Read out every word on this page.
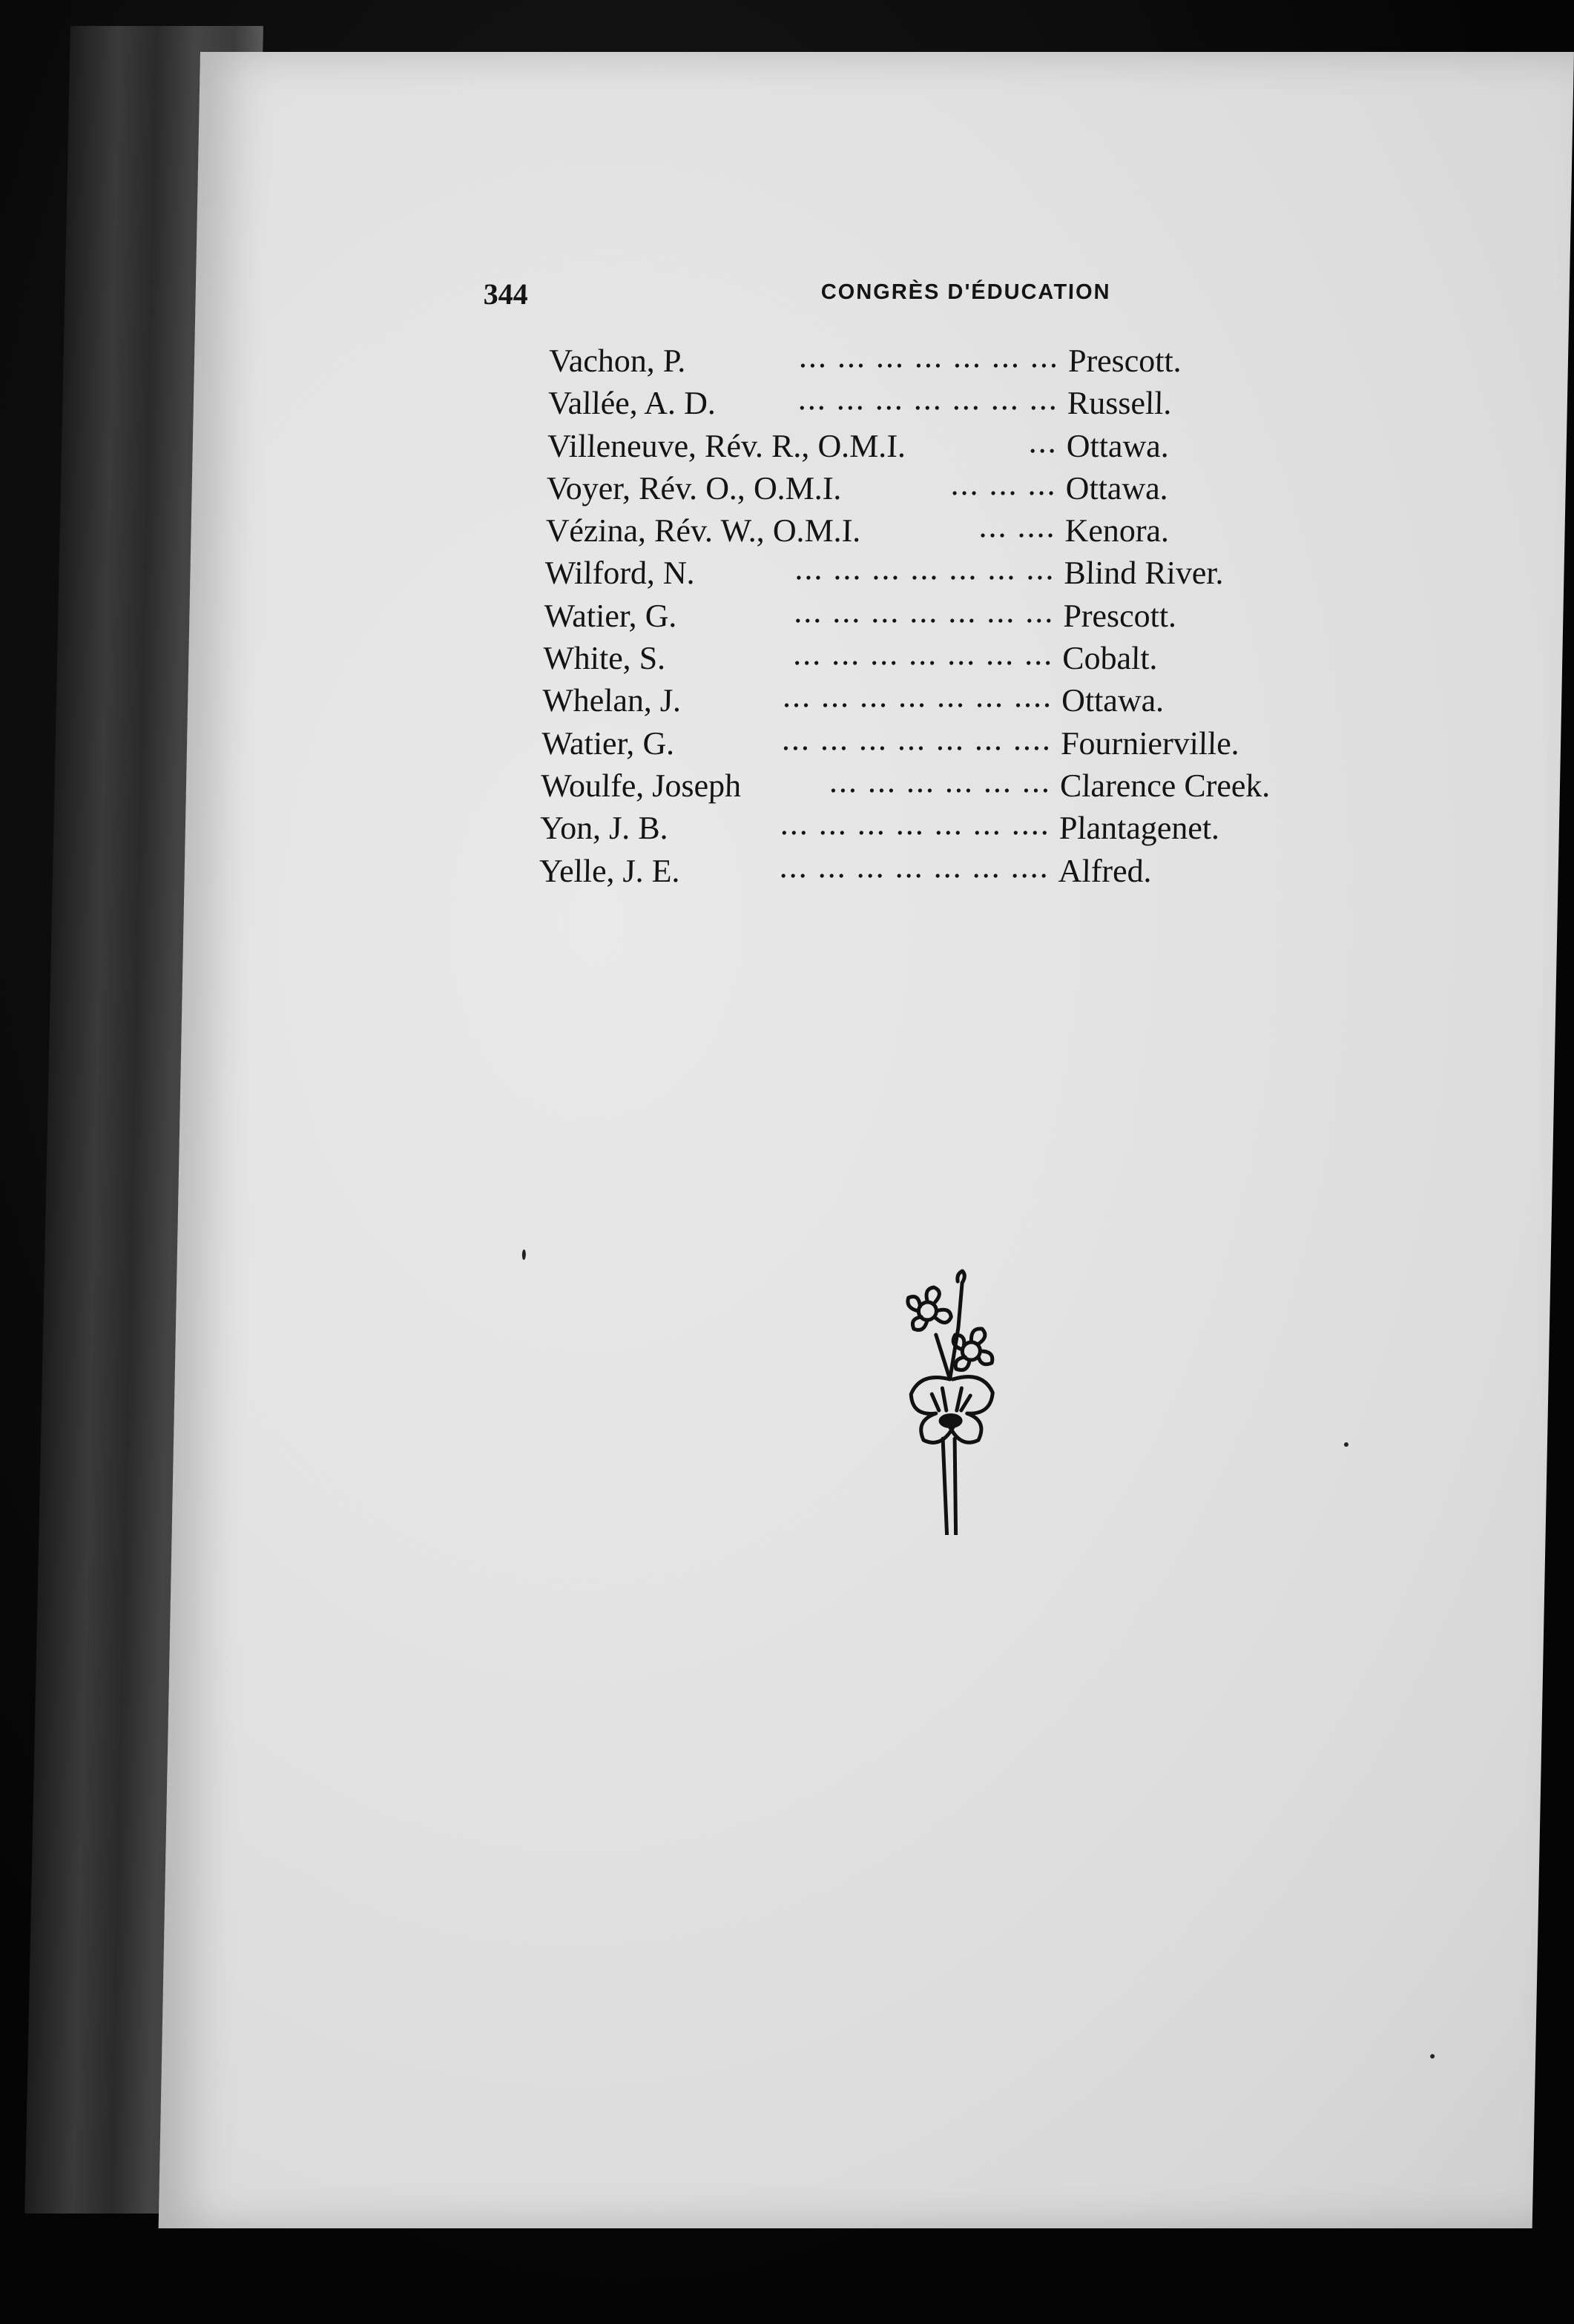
344	CONGRÈS D'ÉDUCATION
Vachon, P.	... ... ... ... ... ... ... Prescott.
Vallée, A. D.	... ... ... ... ... ... ... Russell.
Villeneuve, Rév. R., O.M.I.	... Ottawa.
Voyer, Rév. O., O.M.I.	... ... ... Ottawa.
Vézina, Rév. W., O.M.I.	... .... Kenora.
Wilford, N.	... ... ... ... ... ... ... Blind River.
Watier, G.	... ... ... ... ... ... ... Prescott.
White, S.	... ... ... ... ... ... ... Cobalt.
Whelan, J.	... ... ... ... ... ... .... Ottawa.
Watier, G.	... ... ... ... ... ... .... Fournierville.
Woulfe, Joseph	... ... ... ... ... ... Clarence Creek.
Yon, J. B.	... ... ... ... ... ... .... Plantagenet.
Yelle, J. E.	... ... ... ... ... ... .... Alfred.
